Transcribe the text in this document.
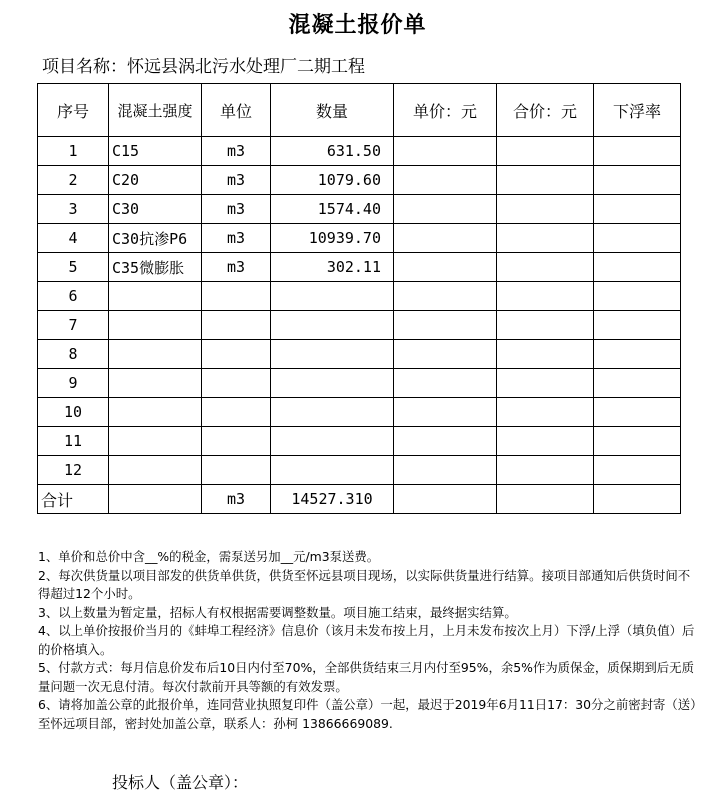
混凝土报价单
项目名称：怀远县涡北污水处理厂二期工程
序号	混凝土强度	单位	数量	单价：元	合价：元	下浮率
1	C15	m3	631.50			
2	C20	m3	1079.60			
3	C30	m3	1574.40			
4	C30抗渗P6	m3	10939.70			
5	C35微膨胀	m3	302.11			
6						
7						
8						
9						
10						
11						
12						
合计		m3	14527.310			

1、单价和总价中含__%的税金，需泵送另加__元/m3泵送费。

2、每次供货量以项目部发的供货单供货，供货至怀远县项目现场，以实际供货量进行结算。接项目部通知后供货时间不得超过12个小时。

3、以上数量为暂定量，招标人有权根据需要调整数量。项目施工结束，最终据实结算。

4、以上单价按报价当月的《蚌埠工程经济》信息价（该月未发布按上月，上月未发布按次上月）下浮/上浮（填负值）后的价格填入。

5、付款方式：每月信息价发布后10日内付至70%，全部供货结束三月内付至95%，余5%作为质保金，质保期到后无质量问题一次无息付清。每次付款前开具等额的有效发票。

6、请将加盖公章的此报价单，连同营业执照复印件（盖公章）一起，最迟于2019年6月11日17：30分之前密封寄（送）至怀远项目部，密封处加盖公章，联系人：孙柯 13866669089.

投标人（盖公章）：
